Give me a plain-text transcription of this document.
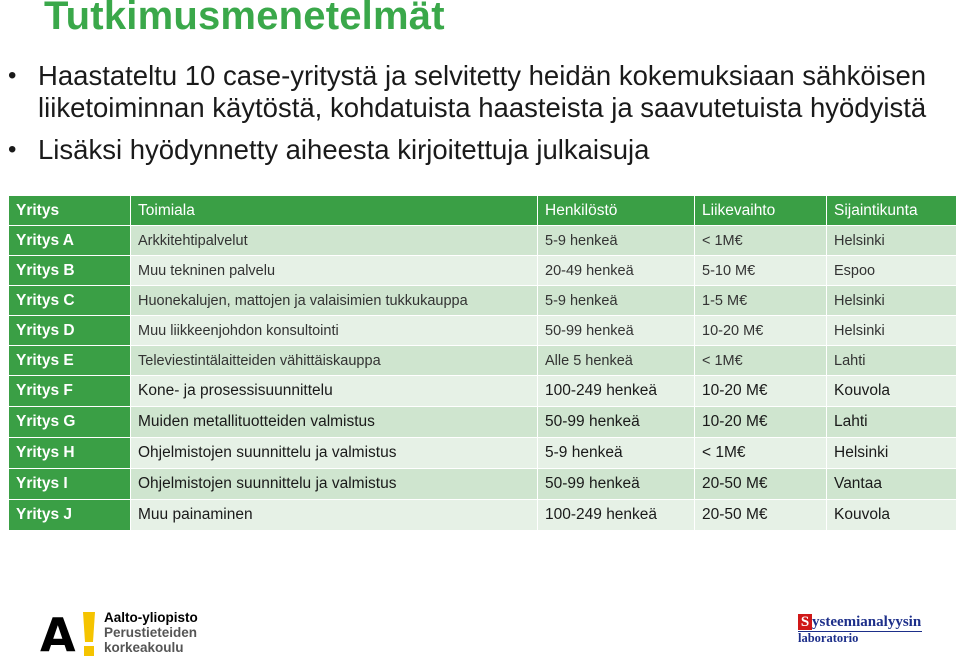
Tutkimusmenetelmät
• Haastateltu 10 case-yritystä ja selvitetty heidän kokemuksiaan sähköisen liiketoiminnan käytöstä, kohdatuista haasteista ja saavutetuista hyödyistä
• Lisäksi hyödynnetty aiheesta kirjoitettuja julkaisuja
Yritys	Toimiala	Henkilöstö	Liikevaihto	Sijaintikunta
Yritys A	Arkkitehtipalvelut	5-9 henkeä	< 1M€	Helsinki
Yritys B	Muu tekninen palvelu	20-49 henkeä	5-10 M€	Espoo
Yritys C	Huonekalujen, mattojen ja valaisimien tukkukauppa	5-9 henkeä	1-5 M€	Helsinki
Yritys D	Muu liikkeenjohdon konsultointi	50-99 henkeä	10-20 M€	Helsinki
Yritys E	Televiestintälaitteiden vähittäiskauppa	Alle 5 henkeä	< 1M€	Lahti
Yritys F	Kone- ja prosessisuunnittelu	100-249 henkeä	10-20 M€	Kouvola
Yritys G	Muiden metallituotteiden valmistus	50-99 henkeä	10-20 M€	Lahti
Yritys H	Ohjelmistojen suunnittelu ja valmistus	5-9 henkeä	< 1M€	Helsinki
Yritys I	Ohjelmistojen suunnittelu ja valmistus	50-99 henkeä	20-50 M€	Vantaa
Yritys J	Muu painaminen	100-249 henkeä	20-50 M€	Kouvola
A Aalto-yliopisto
Perustieteiden
korkeakoulu
S ysteemianalyysin
laboratorio
